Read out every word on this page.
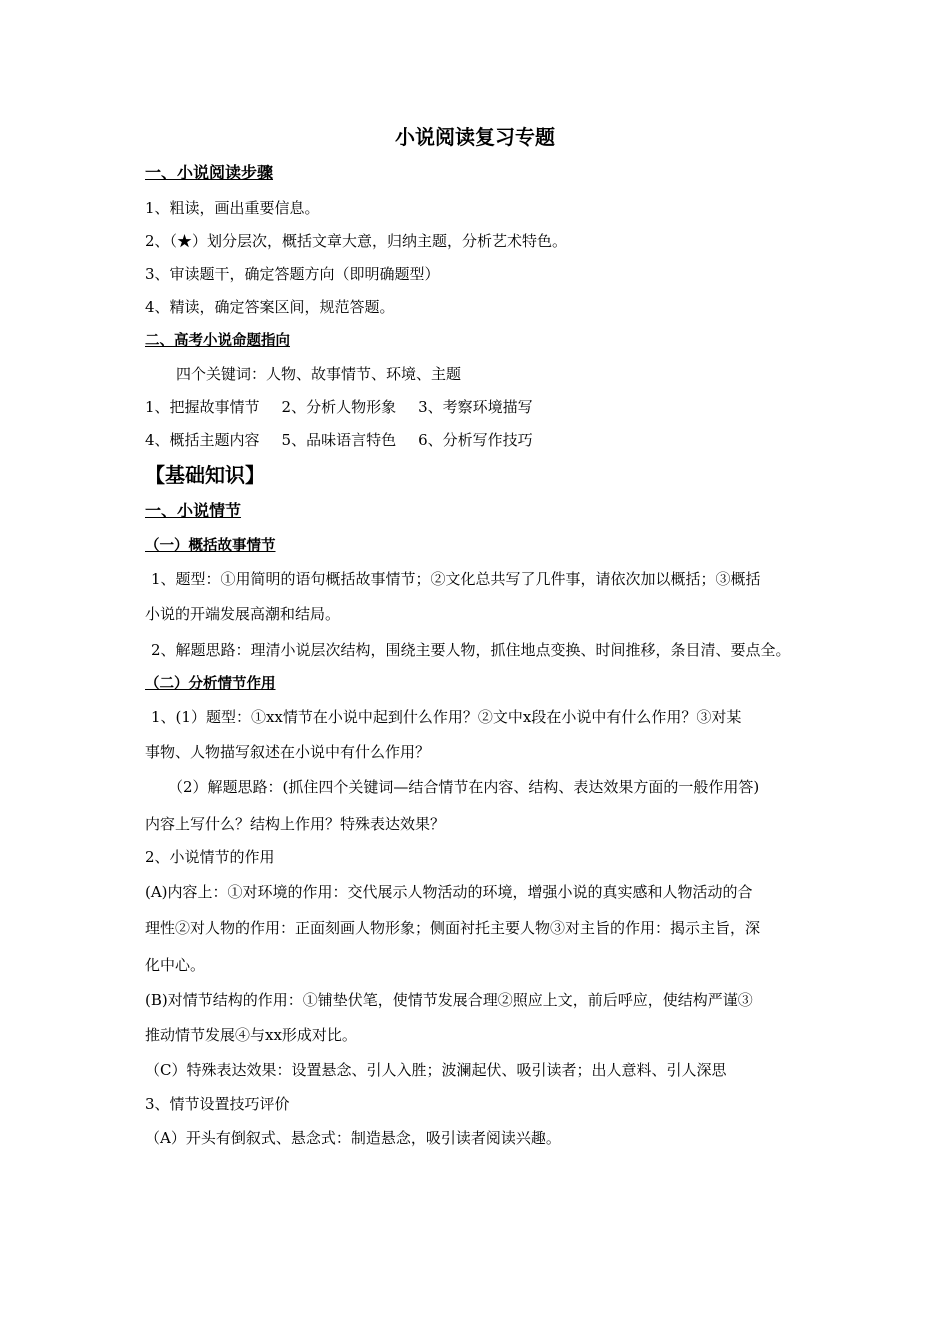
小说阅读复习专题
一、小说阅读步骤
1、粗读，画出重要信息。
2、（★）划分层次，概括文章大意，归纳主题，分析艺术特色。
3、审读题干，确定答题方向（即明确题型）
4、精读，确定答案区间，规范答题。
二、高考小说命题指向
四个关键词：人物、故事情节、环境、主题
1、把握故事情节 2、分析人物形象 3、考察环境描写
4、概括主题内容 5、品味语言特色 6、分析写作技巧
【基础知识】
一、小说情节
（一）概括故事情节
1、题型：①用简明的语句概括故事情节；②文化总共写了几件事，请依次加以概括；③概括
小说的开端发展高潮和结局。
2、解题思路：理清小说层次结构，围绕主要人物，抓住地点变换、时间推移，条目清、要点全。
（二）分析情节作用
1、(1）题型：①xx情节在小说中起到什么作用？②文中x段在小说中有什么作用？③对某
事物、人物描写叙述在小说中有什么作用？
（2）解题思路：(抓住四个关键词—结合情节在内容、结构、表达效果方面的一般作用答)
内容上写什么？结构上作用？特殊表达效果？
2、小说情节的作用
(A)内容上：①对环境的作用：交代展示人物活动的环境，增强小说的真实感和人物活动的合
理性②对人物的作用：正面刻画人物形象；侧面衬托主要人物③对主旨的作用：揭示主旨，深
化中心。
(B)对情节结构的作用：①铺垫伏笔，使情节发展合理②照应上文，前后呼应，使结构严谨③
推动情节发展④与xx形成对比。
（C）特殊表达效果：设置悬念、引人入胜；波澜起伏、吸引读者；出人意料、引人深思
3、情节设置技巧评价
（A）开头有倒叙式、悬念式：制造悬念，吸引读者阅读兴趣。
